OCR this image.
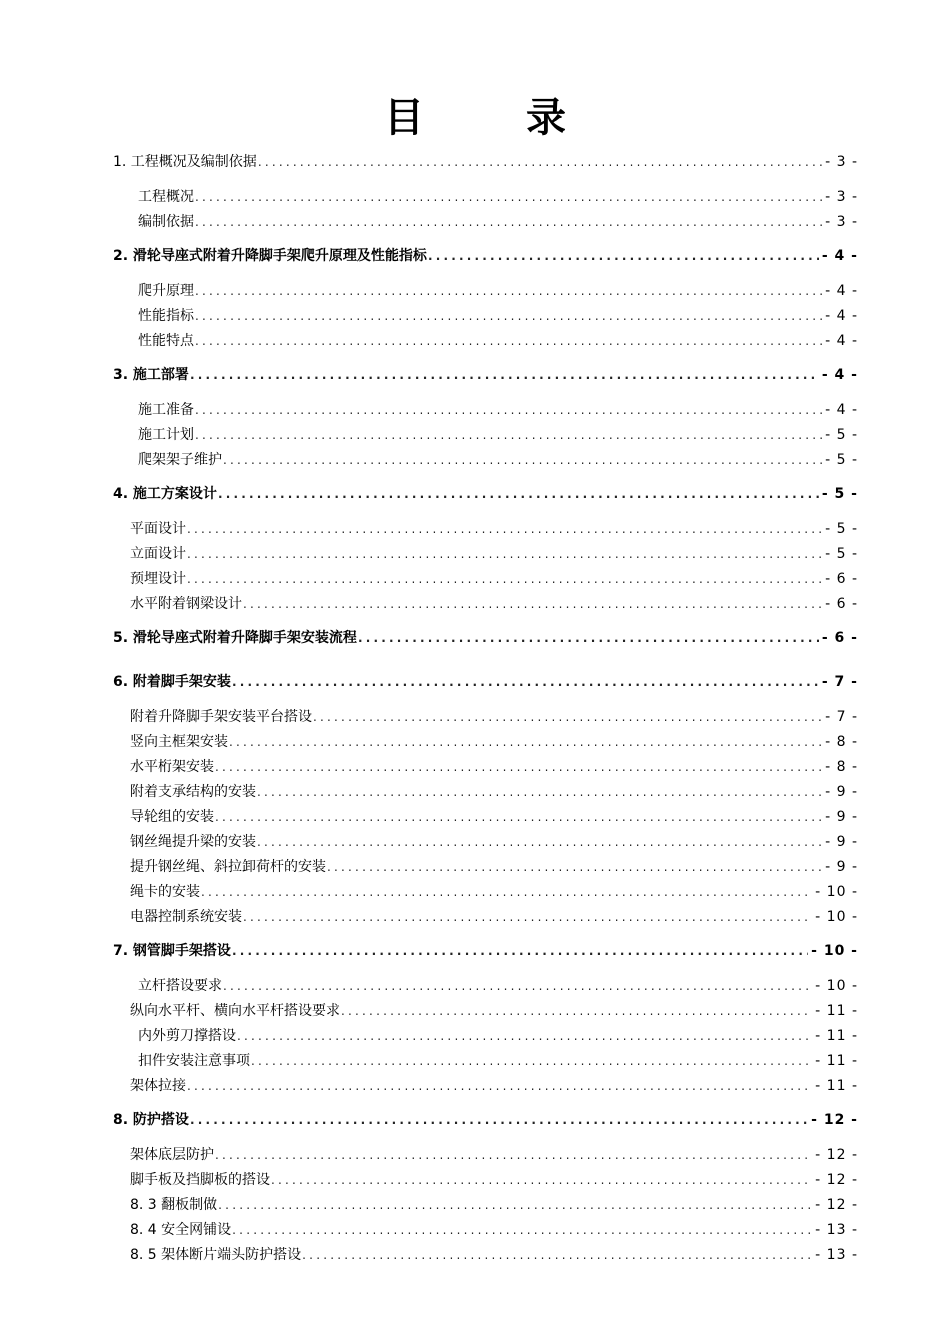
目 录
1. 工程概况及编制依据 .....	- 3 -
工程概况 .....	- 3 -
编制依据 .....	- 3 -
2. 滑轮导座式附着升降脚手架爬升原理及性能指标 .....	- 4 -
爬升原理 .....	- 4 -
性能指标 .....	- 4 -
性能特点 .....	- 4 -
3. 施工部署 .....	- 4 -
施工准备 .....	- 4 -
施工计划 .....	- 5 -
爬架架子维护 .....	- 5 -
4. 施工方案设计 .....	- 5 -
平面设计 .....	- 5 -
立面设计 .....	- 5 -
预埋设计 .....	- 6 -
水平附着钢梁设计 .....	- 6 -
5. 滑轮导座式附着升降脚手架安装流程 .....	- 6 -
6. 附着脚手架安装 .....	- 7 -
附着升降脚手架安装平台搭设 .....	- 7 -
竖向主框架安装 .....	- 8 -
水平桁架安装 .....	- 8 -
附着支承结构的安装 .....	- 9 -
导轮组的安装 .....	- 9 -
钢丝绳提升梁的安装 .....	- 9 -
提升钢丝绳、斜拉卸荷杆的安装 .....	- 9 -
绳卡的安装 .....	- 10 -
电器控制系统安装 .....	- 10 -
7. 钢管脚手架搭设 .....	- 10 -
立杆搭设要求 .....	- 10 -
纵向水平杆、横向水平杆搭设要求 .....	- 11 -
内外剪刀撑搭设 .....	- 11 -
扣件安装注意事项 .....	- 11 -
架体拉接 .....	- 11 -
8. 防护搭设 .....	- 12 -
架体底层防护 .....	- 12 -
脚手板及挡脚板的搭设 .....	- 12 -
8. 3 翻板制做 .....	- 12 -
8. 4 安全网铺设 .....	- 13 -
8. 5 架体断片端头防护搭设 .....	- 13 -
